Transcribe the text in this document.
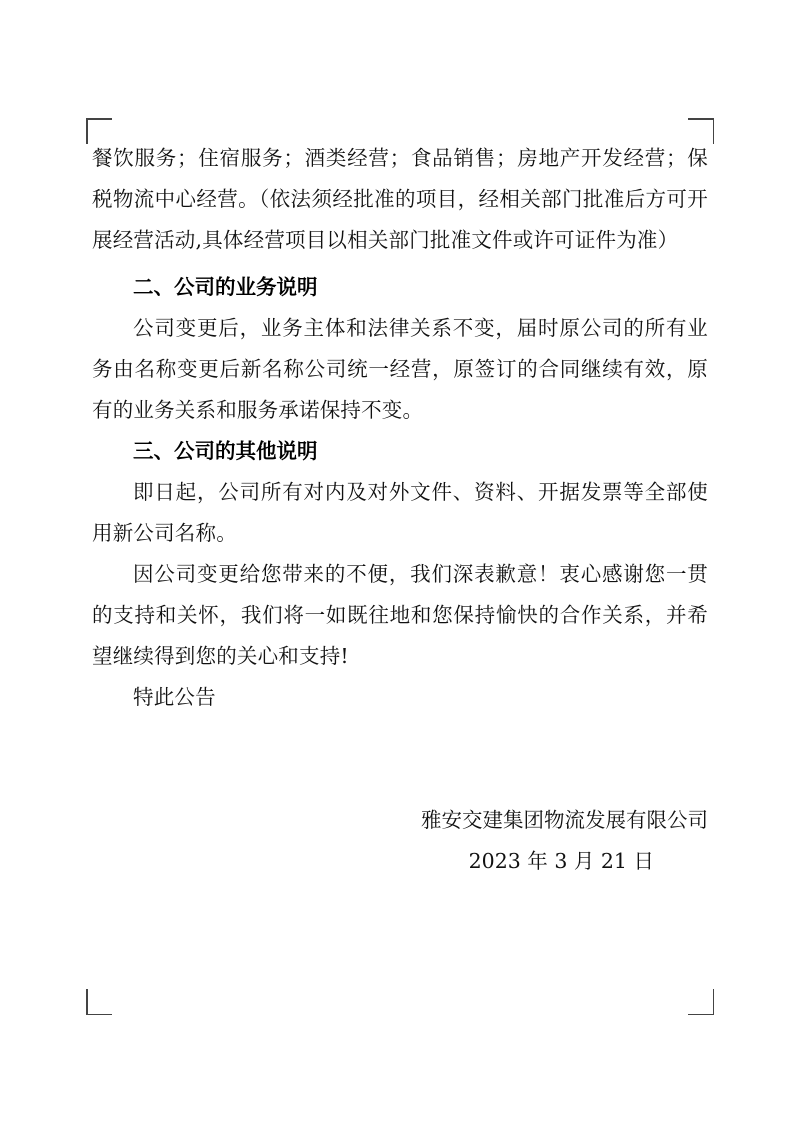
餐饮服务；住宿服务；酒类经营；食品销售；房地产开发经营；保税物流中心经营。（依法须经批准的项目，经相关部门批准后方可开展经营活动,具体经营项目以相关部门批准文件或许可证件为准）

二、公司的业务说明

公司变更后，业务主体和法律关系不变，届时原公司的所有业务由名称变更后新名称公司统一经营，原签订的合同继续有效，原有的业务关系和服务承诺保持不变。

三、公司的其他说明

即日起，公司所有对内及对外文件、资料、开据发票等全部使用新公司名称。

因公司变更给您带来的不便，我们深表歉意！衷心感谢您一贯的支持和关怀，我们将一如既往地和您保持愉快的合作关系，并希望继续得到您的关心和支持!

特此公告

雅安交建集团物流发展有限公司
2023 年 3 月 21 日
